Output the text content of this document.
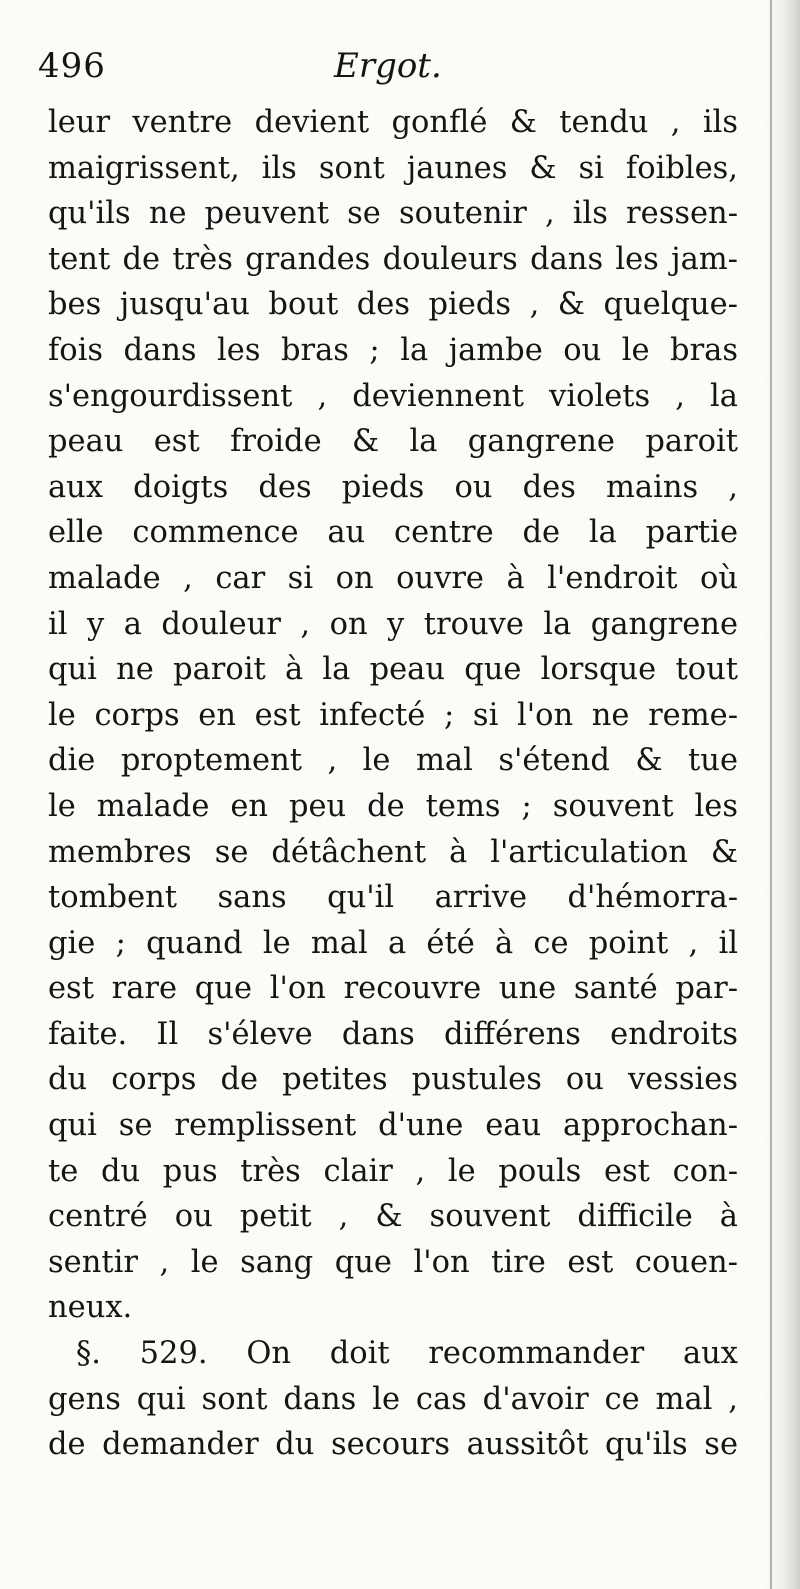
496	Ergot.
leur ventre devient gonflé & tendu , ils
maigrissent, ils sont jaunes & si foibles,
qu'ils ne peuvent se soutenir , ils ressen-
tent de très grandes douleurs dans les jam-
bes jusqu'au bout des pieds , & quelque-
fois dans les bras ; la jambe ou le bras
s'engourdissent , deviennent violets , la
peau est froide & la gangrene paroit
aux doigts des pieds ou des mains ,
elle commence au centre de la partie
malade , car si on ouvre à l'endroit où
il y a douleur , on y trouve la gangrene
qui ne paroit à la peau que lorsque tout
le corps en est infecté ; si l'on ne reme-
die proptement , le mal s'étend & tue
le malade en peu de tems ; souvent les
membres se détâchent à l'articulation &
tombent sans qu'il arrive d'hémorra-
gie ; quand le mal a été à ce point , il
est rare que l'on recouvre une santé par-
faite. Il s'éleve dans différens endroits
du corps de petites pustules ou vessies
qui se remplissent d'une eau approchan-
te du pus très clair , le pouls est con-
centré ou petit , & souvent difficile à
sentir , le sang que l'on tire est couen-
neux.
§. 529. On doit recommander aux
gens qui sont dans le cas d'avoir ce mal ,
de demander du secours aussitôt qu'ils se
